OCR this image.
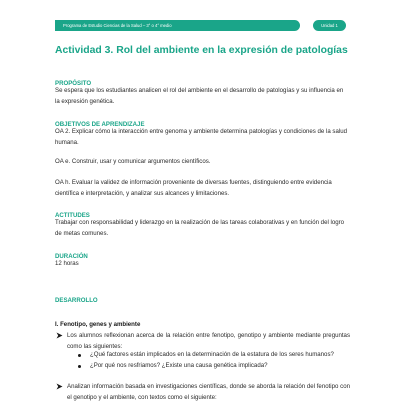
Programa de Estudio Ciencias de la Salud – 3° o 4° medio	Unidad 1
Actividad 3. Rol del ambiente en la expresión de patologías
PROPÓSITO
Se espera que los estudiantes analicen el rol del ambiente en el desarrollo de patologías y su influencia en la expresión genética.
OBJETIVOS DE APRENDIZAJE
OA 2. Explicar cómo la interacción entre genoma y ambiente determina patologías y condiciones de la salud humana.
OA e. Construir, usar y comunicar argumentos científicos.
OA h. Evaluar la validez de información proveniente de diversas fuentes, distinguiendo entre evidencia científica e interpretación, y analizar sus alcances y limitaciones.
ACTITUDES
Trabajar con responsabilidad y liderazgo en la realización de las tareas colaborativas y en función del logro de metas comunes.
DURACIÓN
12 horas
DESARROLLO
I. Fenotipo, genes y ambiente
Los alumnos reflexionan acerca de la relación entre fenotipo, genotipo y ambiente mediante preguntas como las siguientes:
¿Qué factores están implicados en la determinación de la estatura de los seres humanos?
¿Por qué nos resfriamos? ¿Existe una causa genética implicada?
Analizan información basada en investigaciones científicas, donde se aborda la relación del fenotipo con el genotipo y el ambiente, con textos como el siguiente:
